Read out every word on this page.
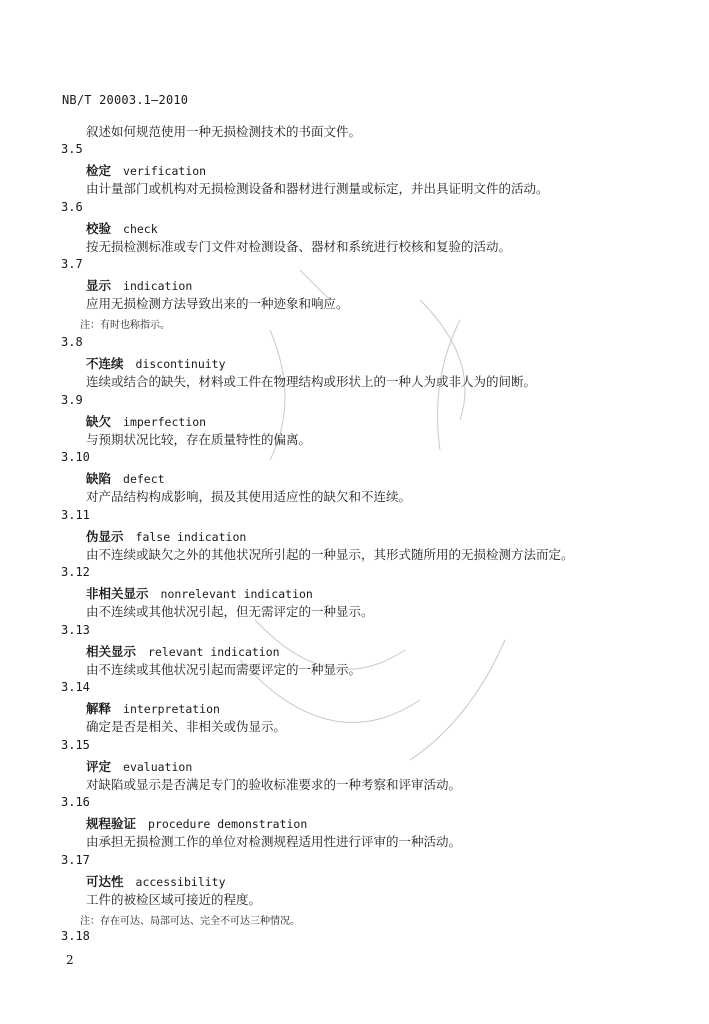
NB/T 20003.1—2010
叙述如何规范使用一种无损检测技术的书面文件。
3.5
检定 verification
由计量部门或机构对无损检测设备和器材进行测量或标定，并出具证明文件的活动。
3.6
校验 check
按无损检测标准或专门文件对检测设备、器材和系统进行校核和复验的活动。
3.7
显示 indication
应用无损检测方法导致出来的一种迹象和响应。
注：有时也称指示。
3.8
不连续 discontinuity
连续或结合的缺失，材料或工件在物理结构或形状上的一种人为或非人为的间断。
3.9
缺欠 imperfection
与预期状况比较，存在质量特性的偏离。
3.10
缺陷 defect
对产品结构构成影响，损及其使用适应性的缺欠和不连续。
3.11
伪显示 false indication
由不连续或缺欠之外的其他状况所引起的一种显示，其形式随所用的无损检测方法而定。
3.12
非相关显示 nonrelevant indication
由不连续或其他状况引起，但无需评定的一种显示。
3.13
相关显示 relevant indication
由不连续或其他状况引起而需要评定的一种显示。
3.14
解释 interpretation
确定是否是相关、非相关或伪显示。
3.15
评定 evaluation
对缺陷或显示是否满足专门的验收标准要求的一种考察和评审活动。
3.16
规程验证 procedure demonstration
由承担无损检测工作的单位对检测规程适用性进行评审的一种活动。
3.17
可达性 accessibility
工件的被检区域可接近的程度。
注：存在可达、局部可达、完全不可达三种情况。
3.18
2
